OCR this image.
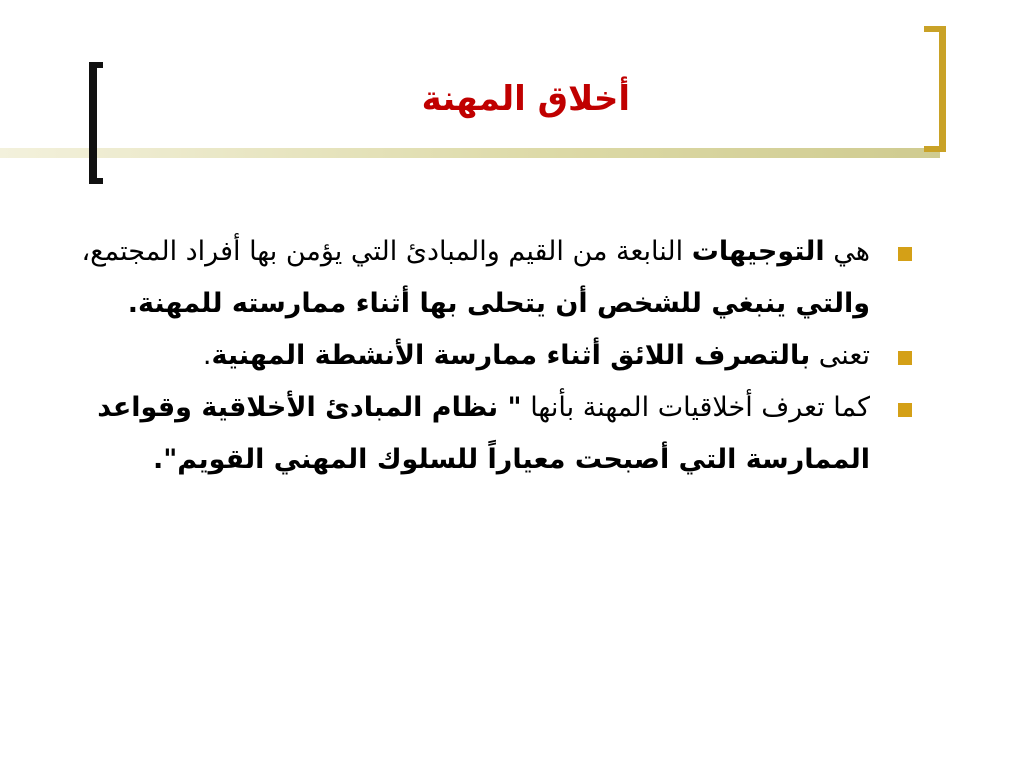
أخلاق المهنة
هي التوجيهات النابعة من القيم والمبادئ التي يؤمن بها أفراد المجتمع، والتي ينبغي للشخص أن يتحلى بها أثناء ممارسته للمهنة.
تعنى بالتصرف اللائق أثناء ممارسة الأنشطة المهنية.
كما تعرف أخلاقيات المهنة بأنها " نظام المبادئ الأخلاقية وقواعد الممارسة التي أصبحت معياراً للسلوك المهني القويم".
